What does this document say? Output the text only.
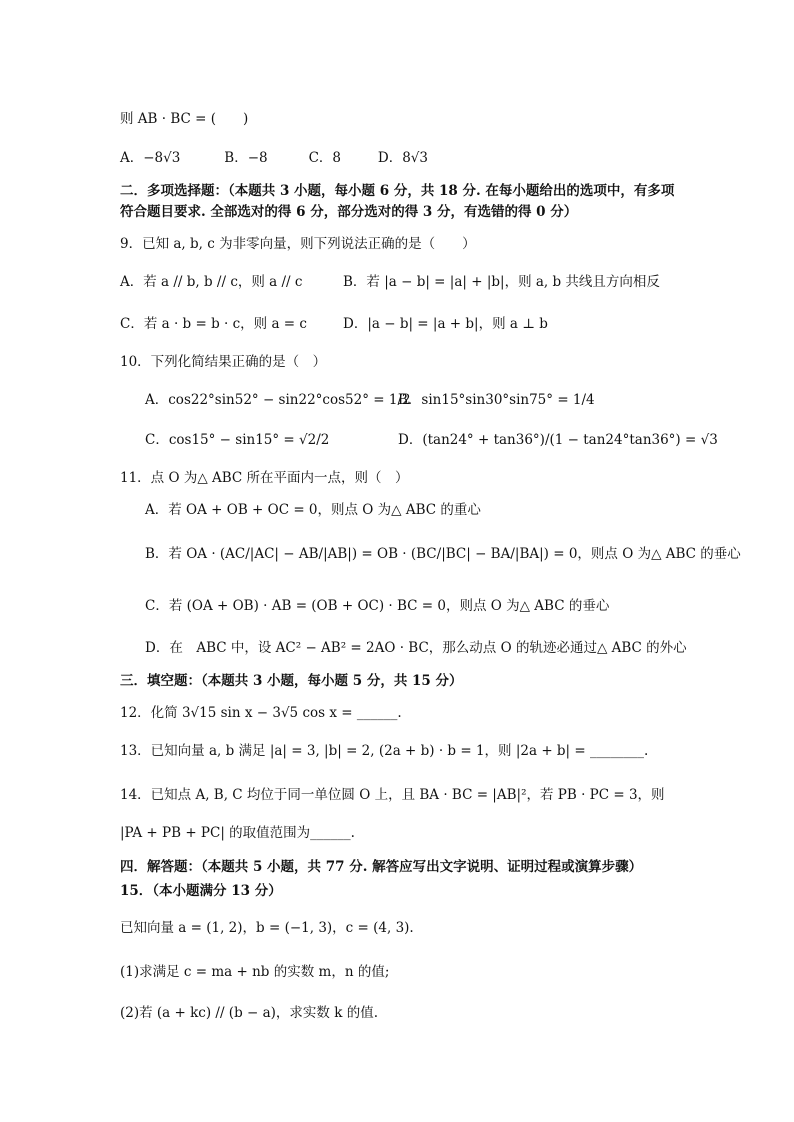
则 AB · BC = (　　)
A．−8√3	B．−8	C．8	D．8√3
二．多项选择题：（本题共 3 小题，每小题 6 分，共 18 分. 在每小题给出的选项中，有多项
符合题目要求. 全部选对的得 6 分，部分选对的得 3 分，有选错的得 0 分）
9．已知 a, b, c 为非零向量，则下列说法正确的是（　　）
A．若 a // b, b // c，则 a // c	B．若 |a − b| = |a| + |b|，则 a, b 共线且方向相反
C．若 a · b = b · c，则 a = c	D．|a − b| = |a + b|，则 a ⊥ b
10．下列化简结果正确的是（　）
A．cos22°sin52° − sin22°cos52° = 1/2
B．sin15°sin30°sin75° = 1/4
C．cos15° − sin15° = √2/2	D．(tan24° + tan36°)/(1 − tan24°tan36°) = √3
11．点 O 为△ ABC 所在平面内一点，则（　）
A．若 OA + OB + OC = 0，则点 O 为△ ABC 的重心
B．若 OA · (AC/|AC| − AB/|AB|) = OB · (BC/|BC| − BA/|BA|) = 0，则点 O 为△ ABC 的垂心
C．若 (OA + OB) · AB = (OB + OC) · BC = 0，则点 O 为△ ABC 的垂心
D．在　ABC 中，设 AC² − AB² = 2AO · BC，那么动点 O 的轨迹必通过△ ABC 的外心
三．填空题：（本题共 3 小题，每小题 5 分，共 15 分）
12．化简 3√15 sin x − 3√5 cos x = ______.
13．已知向量 a, b 满足 |a| = 3, |b| = 2, (2a + b) · b = 1，则 |2a + b| = ________.
14．已知点 A, B, C 均位于同一单位圆 O 上，且 BA · BC = |AB|²，若 PB · PC = 3，则
|PA + PB + PC| 的取值范围为______.
四．解答题：（本题共 5 小题，共 77 分. 解答应写出文字说明、证明过程或演算步骤）
15．（本小题满分 13 分）
已知向量 a = (1, 2)，b = (−1, 3)，c = (4, 3).
(1)求满足 c = ma + nb 的实数 m，n 的值;
(2)若 (a + kc) // (b − a)，求实数 k 的值.
